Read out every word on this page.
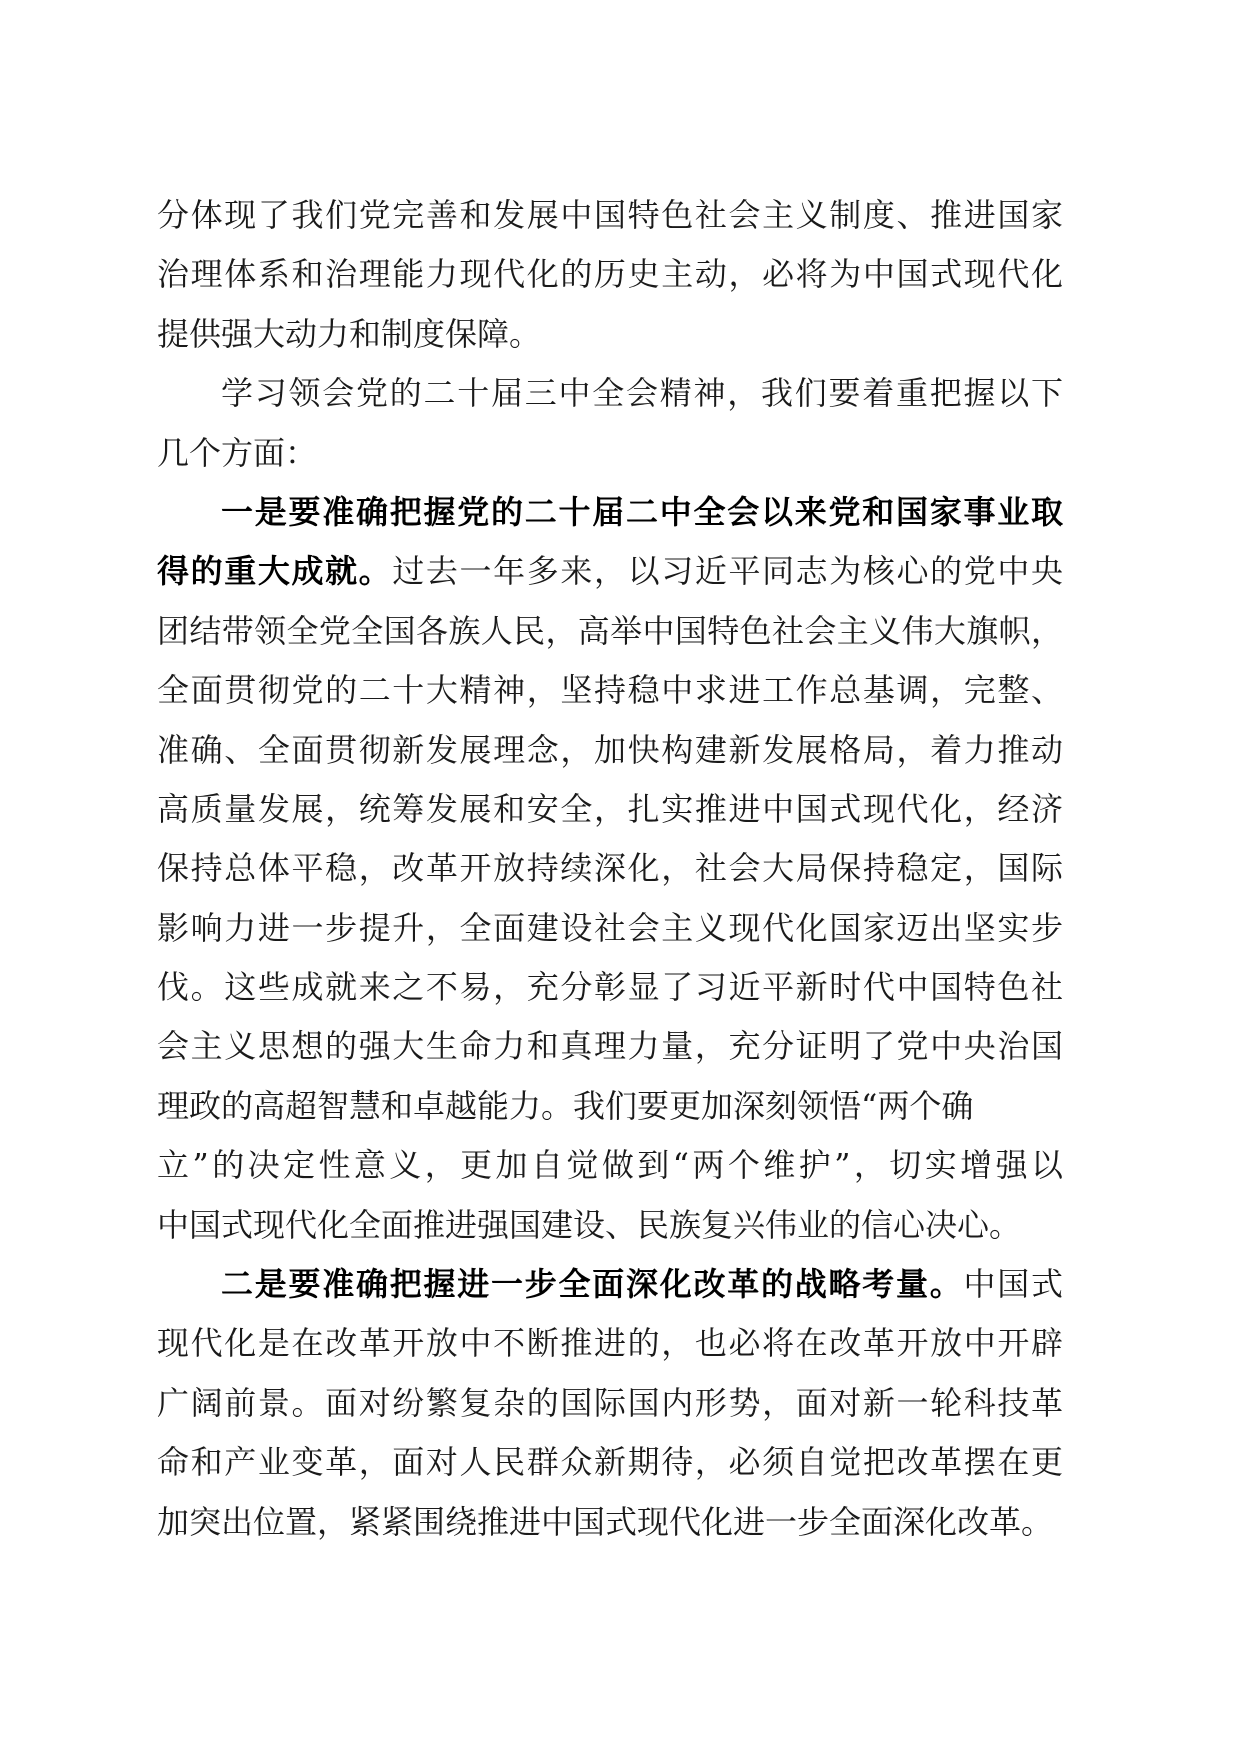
分体现了我们党完善和发展中国特色社会主义制度、推进国家
治理体系和治理能力现代化的历史主动，必将为中国式现代化
提供强大动力和制度保障。
学习领会党的二十届三中全会精神，我们要着重把握以下
几个方面：
一是要准确把握党的二十届二中全会以来党和国家事业取
得的重大成就。过去一年多来，以习近平同志为核心的党中央
团结带领全党全国各族人民，高举中国特色社会主义伟大旗帜，
全面贯彻党的二十大精神，坚持稳中求进工作总基调，完整、
准确、全面贯彻新发展理念，加快构建新发展格局，着力推动
高质量发展，统筹发展和安全，扎实推进中国式现代化，经济
保持总体平稳，改革开放持续深化，社会大局保持稳定，国际
影响力进一步提升，全面建设社会主义现代化国家迈出坚实步
伐。这些成就来之不易，充分彰显了习近平新时代中国特色社
会主义思想的强大生命力和真理力量，充分证明了党中央治国
理政的高超智慧和卓越能力。我们要更加深刻领悟“两个确
立”的决定性意义，更加自觉做到“两个维护”，切实增强以
中国式现代化全面推进强国建设、民族复兴伟业的信心决心。
二是要准确把握进一步全面深化改革的战略考量。中国式
现代化是在改革开放中不断推进的，也必将在改革开放中开辟
广阔前景。面对纷繁复杂的国际国内形势，面对新一轮科技革
命和产业变革，面对人民群众新期待，必须自觉把改革摆在更
加突出位置，紧紧围绕推进中国式现代化进一步全面深化改革。
